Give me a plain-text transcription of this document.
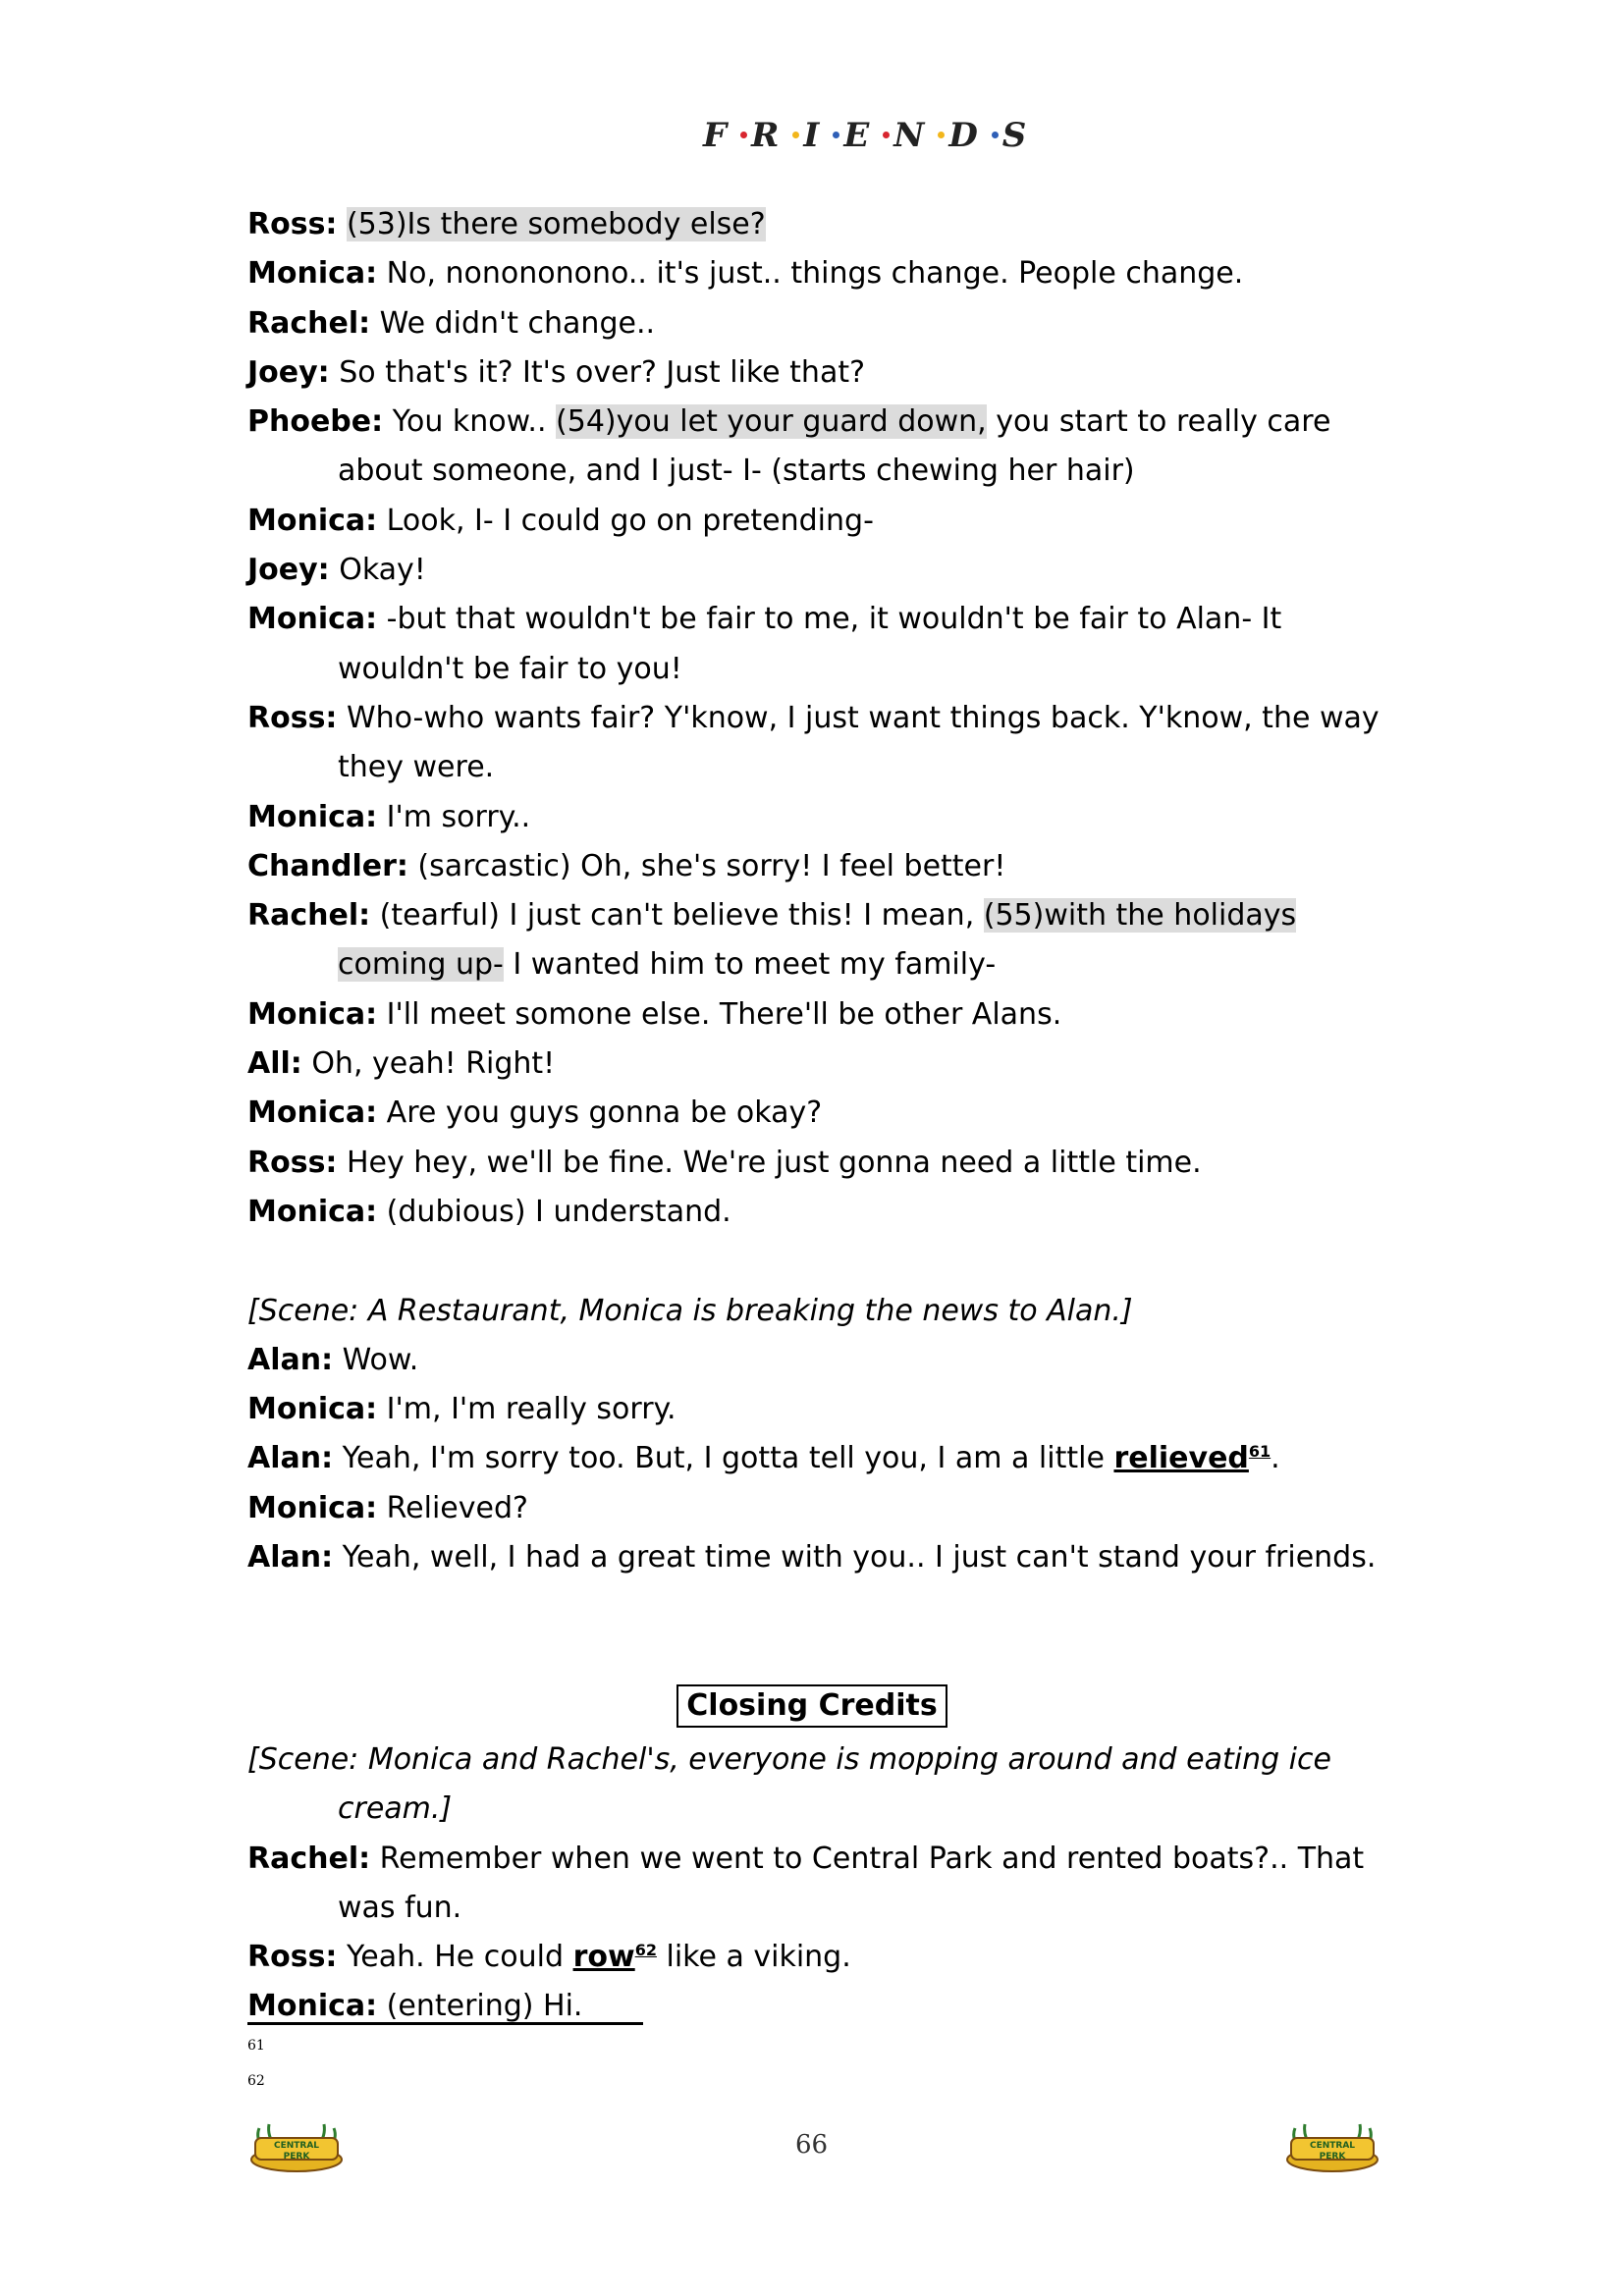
F R I E N D S
Ross: (53)Is there somebody else?
Monica: No, nonononono.. it's just.. things change. People change.
Rachel: We didn't change..
Joey: So that's it? It's over? Just like that?
Phoebe: You know.. (54)you let your guard down, you start to really care about someone, and I just- I- (starts chewing her hair)
Monica: Look, I- I could go on pretending-
Joey: Okay!
Monica: -but that wouldn't be fair to me, it wouldn't be fair to Alan- It wouldn't be fair to you!
Ross: Who-who wants fair? Y'know, I just want things back. Y'know, the way they were.
Monica: I'm sorry..
Chandler: (sarcastic) Oh, she's sorry! I feel better!
Rachel: (tearful) I just can't believe this! I mean, (55)with the holidays coming up- I wanted him to meet my family-
Monica: I'll meet somone else. There'll be other Alans.
All: Oh, yeah! Right!
Monica: Are you guys gonna be okay?
Ross: Hey hey, we'll be fine. We're just gonna need a little time.
Monica: (dubious) I understand.
[Scene: A Restaurant, Monica is breaking the news to Alan.]
Alan: Wow.
Monica: I'm, I'm really sorry.
Alan: Yeah, I'm sorry too. But, I gotta tell you, I am a little relieved$^{61}$.
Monica: Relieved?
Alan: Yeah, well, I had a great time with you.. I just can't stand your friends.
Closing Credits
[Scene: Monica and Rachel's, everyone is mopping around and eating ice cream.]
Rachel: Remember when we went to Central Park and rented boats?.. That was fun.
Ross: Yeah. He could row$^{62}$ like a viking.
Monica: (entering) Hi.
61
62
66
CENTRAL
PERK
CENTRAL
PERK
